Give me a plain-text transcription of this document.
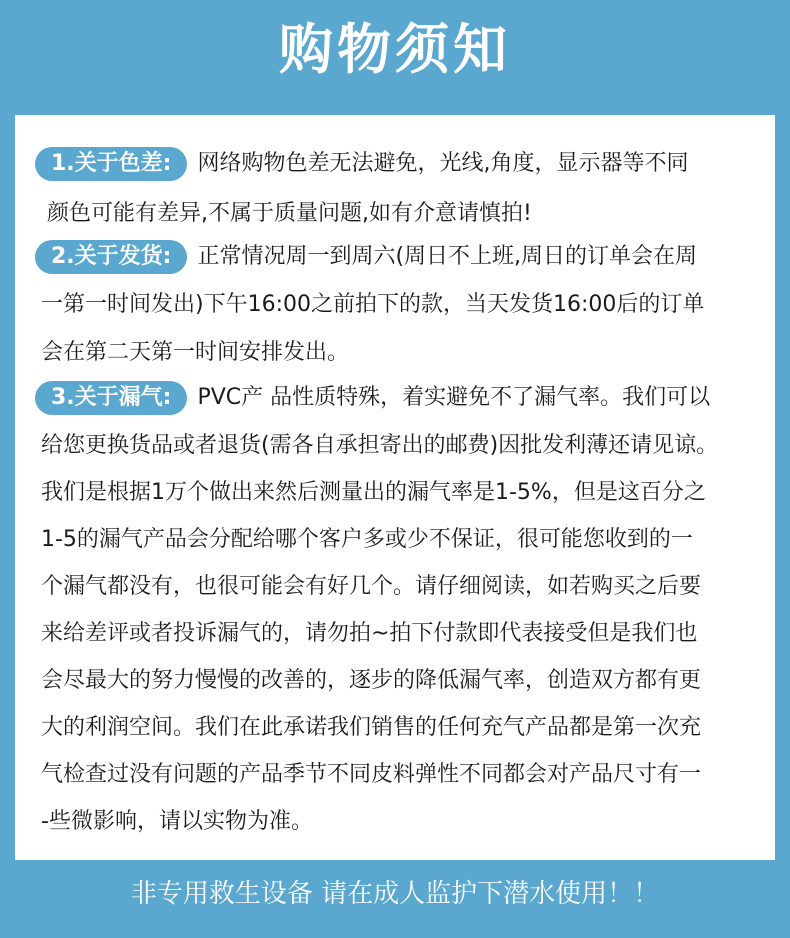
购物须知
1.关于色差: 网络购物色差无法避免，光线,角度，显示器等不同
颜色可能有差异,不属于质量问题,如有介意请慎拍!
2.关于发货: 正常情况周一到周六(周日不上班,周日的订单会在周
一第一时间发出)下午16:00之前拍下的款，当天发货16:00后的订单
会在第二天第一时间安排发出。
3.关于漏气: PVC产 品性质特殊，着实避免不了漏气率。我们可以
给您更换货品或者退货(需各自承担寄出的邮费)因批发利薄还请见谅。
我们是根据1万个做出来然后测量出的漏气率是1-5%，但是这百分之
1-5的漏气产品会分配给哪个客户多或少不保证，很可能您收到的一
个漏气都没有，也很可能会有好几个。请仔细阅读，如若购买之后要
来给差评或者投诉漏气的，请勿拍~拍下付款即代表接受但是我们也
会尽最大的努力慢慢的改善的，逐步的降低漏气率，创造双方都有更
大的利润空间。我们在此承诺我们销售的任何充气产品都是第一次充
气检查过没有问题的产品季节不同皮料弹性不同都会对产品尺寸有一
-些微影响，请以实物为准。
非专用救生设备 请在成人监护下潜水使用！！
